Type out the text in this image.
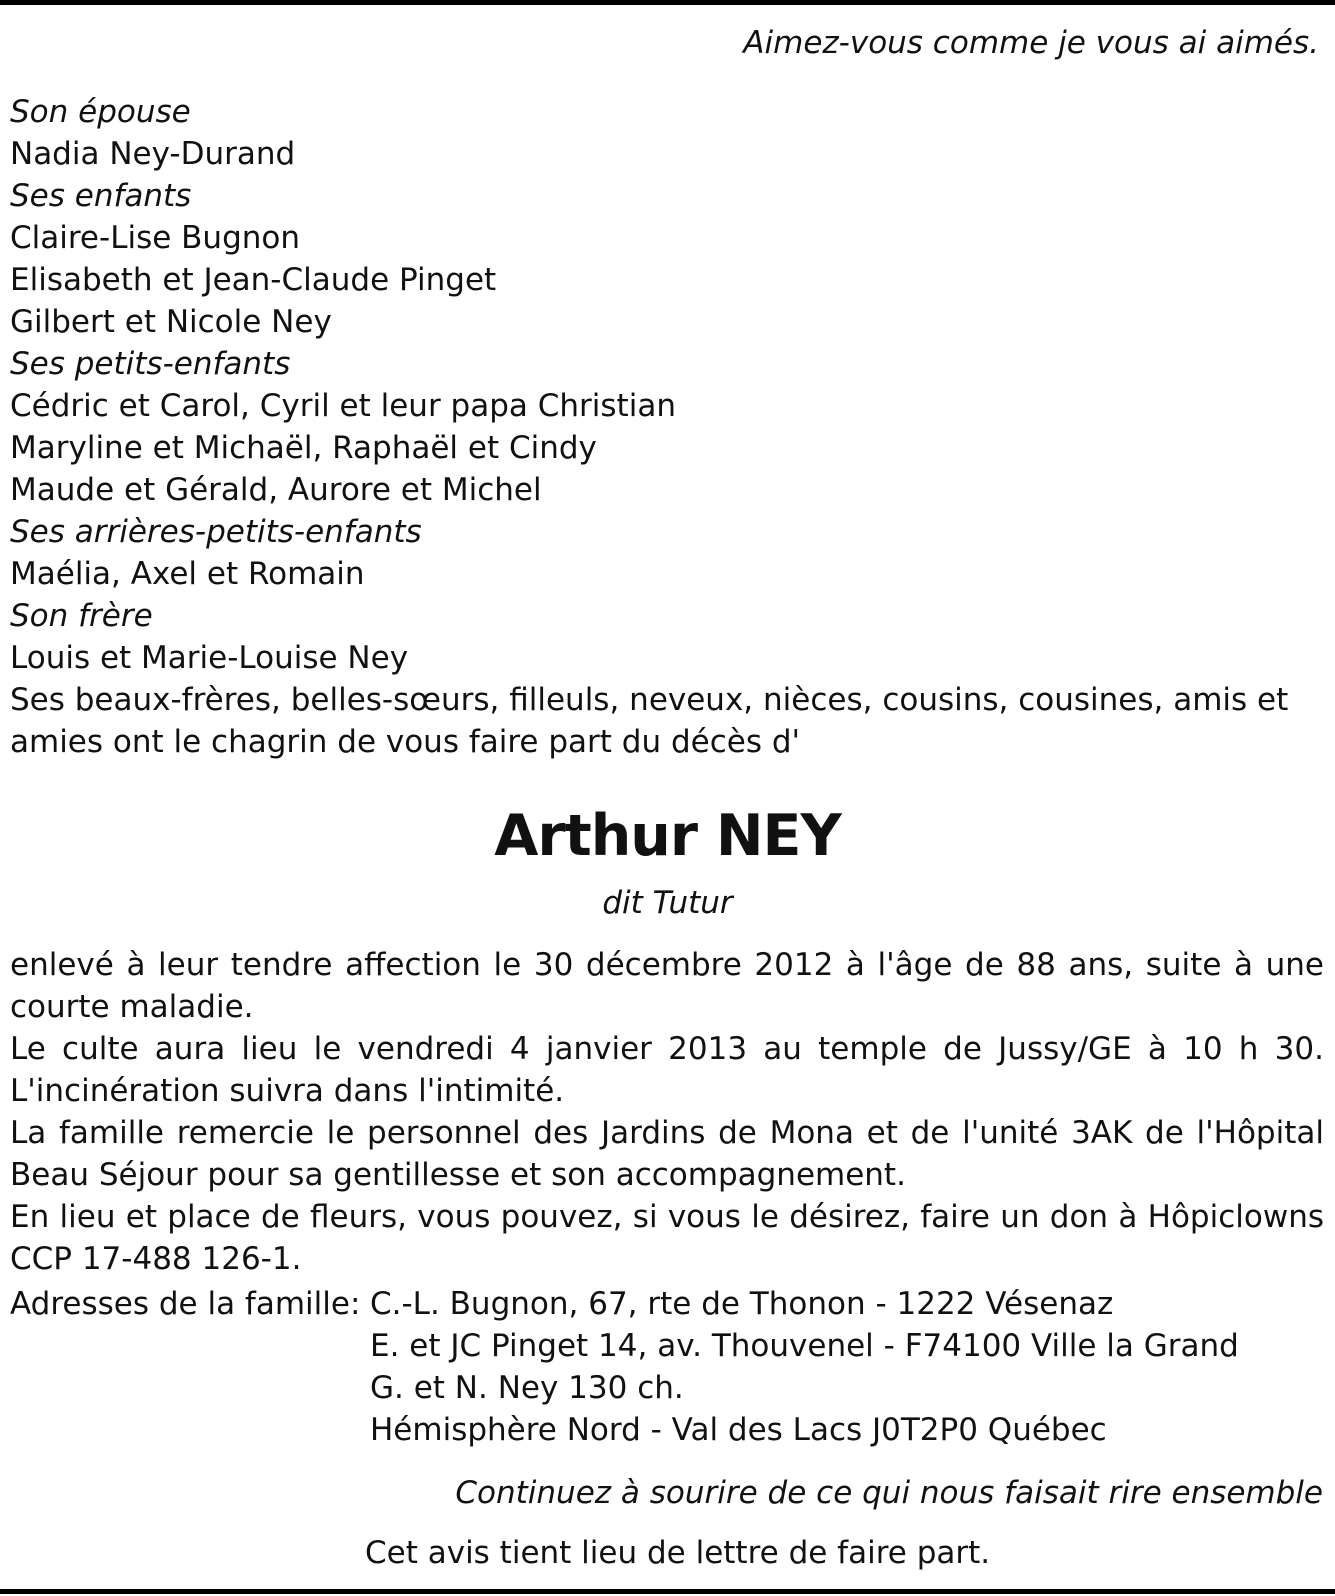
Aimez-vous comme je vous ai aimés.
Son épouse
Nadia Ney-Durand
Ses enfants
Claire-Lise Bugnon
Elisabeth et Jean-Claude Pinget
Gilbert et Nicole Ney
Ses petits-enfants
Cédric et Carol, Cyril et leur papa Christian
Maryline et Michaël, Raphaël et Cindy
Maude et Gérald, Aurore et Michel
Ses arrières-petits-enfants
Maélia, Axel et Romain
Son frère
Louis et Marie-Louise Ney
Ses beaux-frères, belles-sœurs, filleuls, neveux, nièces, cousins, cousines, amis et amies ont le chagrin de vous faire part du décès d'
Arthur NEY
dit Tutur

enlevé à leur tendre affection le 30 décembre 2012 à l'âge de 88 ans, suite à une courte maladie.

Le culte aura lieu le vendredi 4 janvier 2013 au temple de Jussy/GE à 10 h 30. L'incinération suivra dans l'intimité.

La famille remercie le personnel des Jardins de Mona et de l'unité 3AK de l'Hôpital Beau Séjour pour sa gentillesse et son accompagnement.

En lieu et place de fleurs, vous pouvez, si vous le désirez, faire un don à Hôpiclowns CCP 17-488 126-1.

Adresses de la famille: C.-L. Bugnon, 67, rte de Thonon - 1222 Vésenaz
E. et JC Pinget 14, av. Thouvenel - F74100 Ville la Grand
G. et N. Ney 130 ch.
Hémisphère Nord - Val des Lacs J0T2P0 Québec
Continuez à sourire de ce qui nous faisait rire ensemble
Cet avis tient lieu de lettre de faire part.
